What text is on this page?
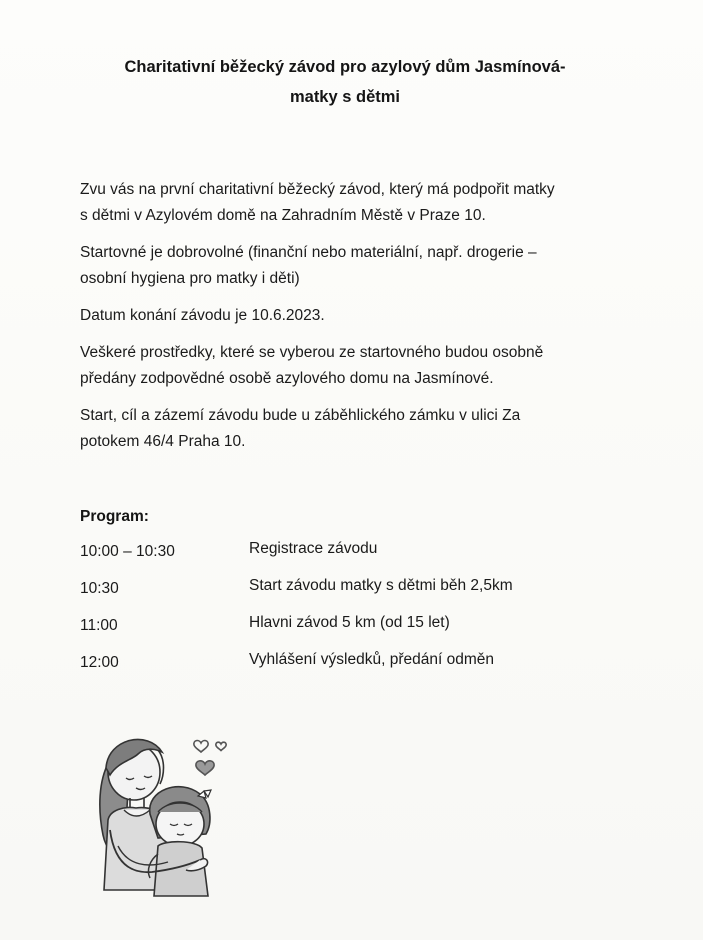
Charitativní běžecký závod pro azylový dům Jasmínová-
matky s dětmi

Zvu vás na první charitativní běžecký závod, který má podpořit matky
s dětmi v Azylovém domě na Zahradním Městě v Praze 10.

Startovné je dobrovolné (finanční nebo materiální, např. drogerie –
osobní hygiena pro matky i děti)

Datum konání závodu je 10.6.2023.

Veškeré prostředky, které se vyberou ze startovného budou osobně
předány zodpovědné osobě azylového domu na Jasmínové.

Start, cíl a zázemí závodu bude u záběhlického zámku v ulici Za
potokem 46/4 Praha 10.

Program:
10:00 – 10:30	Registrace závodu
10:30	Start závodu matky s dětmi běh 2,5km
11:00	Hlavni závod 5 km (od 15 let)
12:00	Vyhlášení výsledků, předání odměn
